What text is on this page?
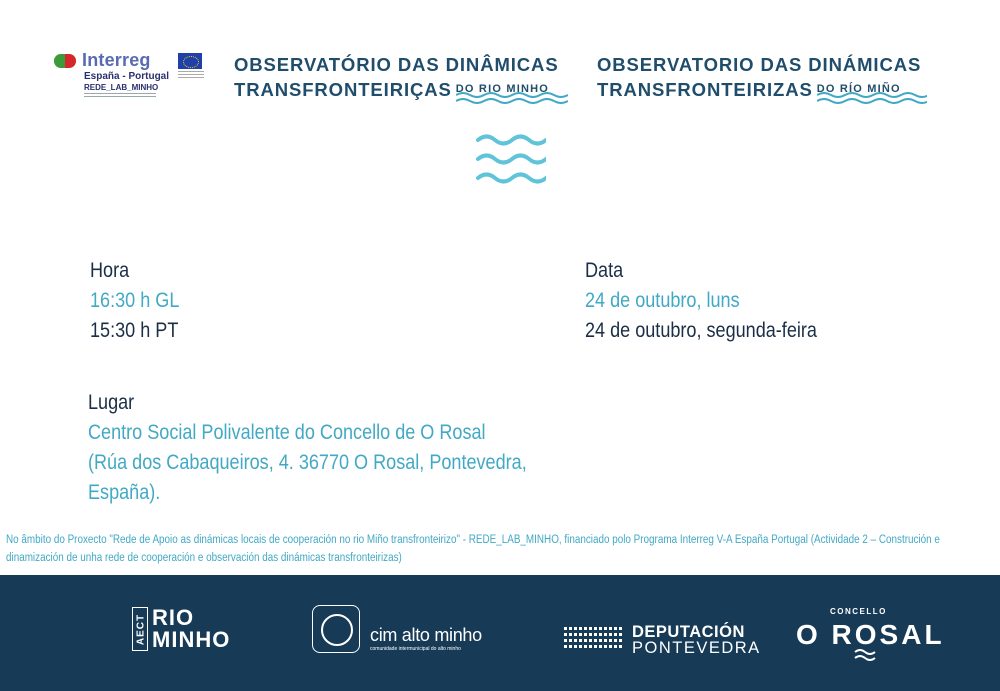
Interreg
España - Portugal
REDE_LAB_MINHO
OBSERVATÓRIO DAS DINÂMICAS
TRANSFRONTEIRIÇAS DO RIO MINHO
OBSERVATORIO DAS DINÁMICAS
TRANSFRONTEIRIZAS DO RÍO MIÑO
Hora
16:30 h GL
15:30 h PT
Data
24 de outubro, luns
24 de outubro, segunda-feira
Lugar
Centro Social Polivalente do Concello de O Rosal
(Rúa dos Cabaqueiros, 4. 36770 O Rosal, Pontevedra,
España).

No âmbito do Proxecto "Rede de Apoio as dinámicas locais de cooperación no rio Miño transfronteirizo" - REDE_LAB_MINHO, financiado polo Programa Interreg V-A España Portugal (Actividade 2 – Construción e dinamización de unha rede de cooperación e observación das dinámicas transfronteirizas)

AECT RIO
MINHO	cim alto minho
comunidade intermunicipal do alto minho
DEPUTACIÓN
PONTEVEDRA
CONCELLO
O ROSAL
